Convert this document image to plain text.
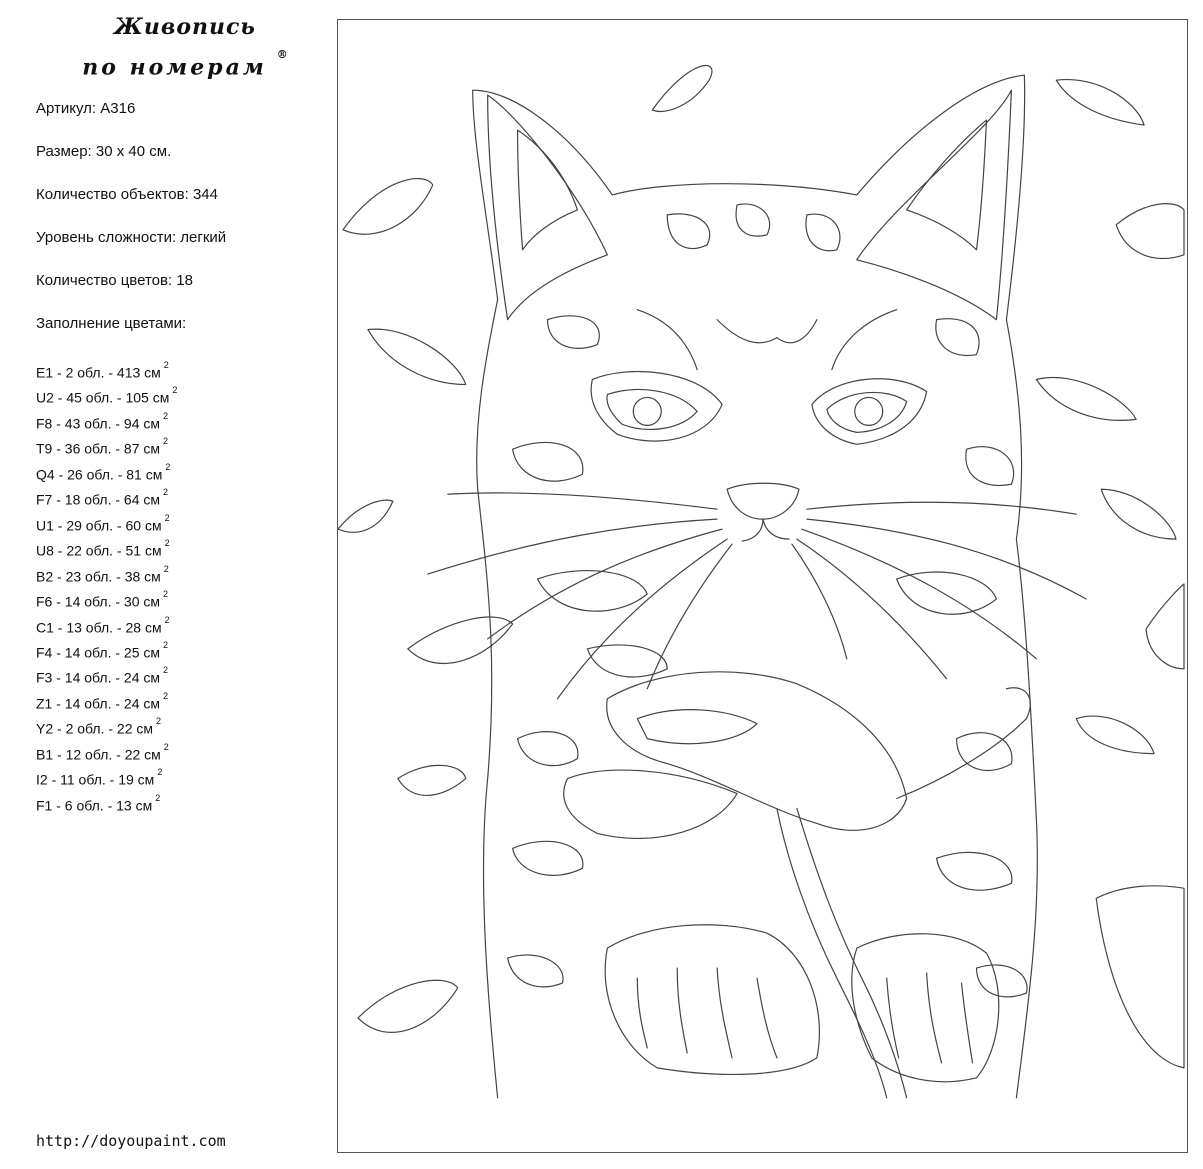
Живопись
по номерам ®
Артикул: A316
Размер: 30 x 40 см.
Количество объектов: 344
Уровень сложности: легкий
Количество цветов: 18
Заполнение цветами:
E1 - 2 обл. - 413 см $^2$
U2 - 45 обл. - 105 см $^2$
F8 - 43 обл. - 94 см $^2$
T9 - 36 обл. - 87 см $^2$
Q4 - 26 обл. - 81 см $^2$
F7 - 18 обл. - 64 см $^2$
U1 - 29 обл. - 60 см $^2$
U8 - 22 обл. - 51 см $^2$
B2 - 23 обл. - 38 см $^2$
F6 - 14 обл. - 30 см $^2$
C1 - 13 обл. - 28 см $^2$
F4 - 14 обл. - 25 см $^2$
F3 - 14 обл. - 24 см $^2$
Z1 - 14 обл. - 24 см $^2$
Y2 - 2 обл. - 22 см $^2$
B1 - 12 обл. - 22 см $^2$
I2 - 11 обл. - 19 см $^2$
F1 - 6 обл. - 13 см $^2$
http://doyoupaint.com
